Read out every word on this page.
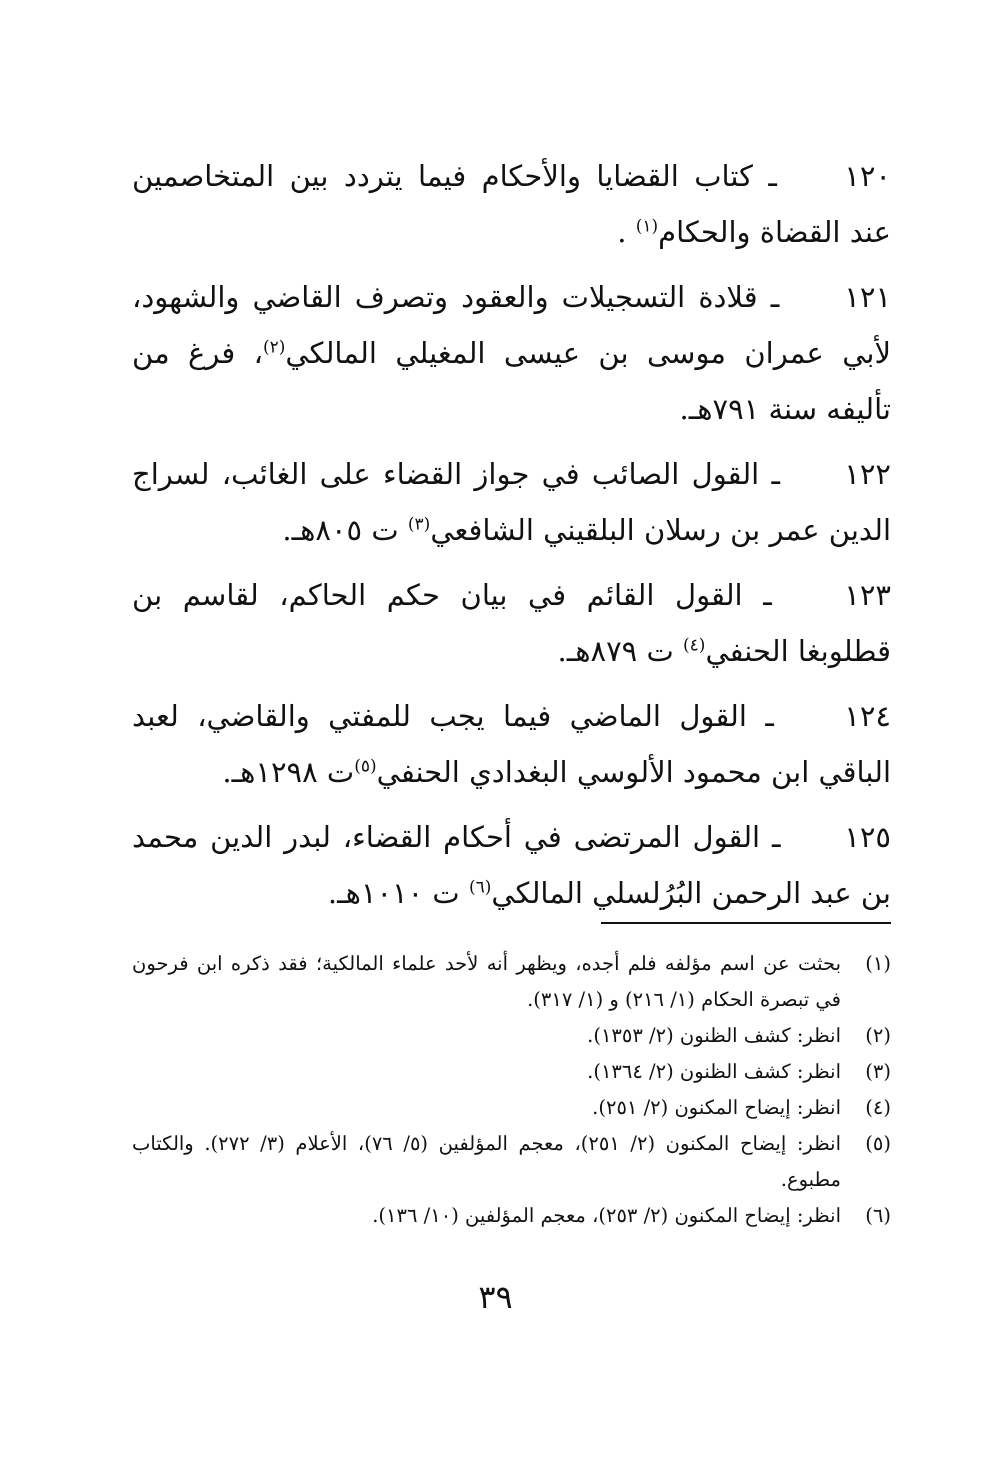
١٢٠ ـ كتاب القضايا والأحكام فيما يتردد بين المتخاصمين عند القضاة والحكام$^{(١)}$ .

١٢١ ـ قلادة التسجيلات والعقود وتصرف القاضي والشهود، لأبي عمران موسى بن عيسى المغيلي المالكي$^{(٢)}$، فرغ من تأليفه سنة ٧٩١هـ.

١٢٢ ـ القول الصائب في جواز القضاء على الغائب، لسراج الدين عمر بن رسلان البلقيني الشافعي$^{(٣)}$ ت ٨٠٥هـ.

١٢٣ ـ القول القائم في بيان حكم الحاكم، لقاسم بن قطلوبغا الحنفي$^{(٤)}$ ت ٨٧٩هـ.

١٢٤ ـ القول الماضي فيما يجب للمفتي والقاضي، لعبد الباقي ابن محمود الألوسي البغدادي الحنفي$^{(٥)}$ت ١٢٩٨هـ.

١٢٥ ـ القول المرتضى في أحكام القضاء، لبدر الدين محمد بن عبد الرحمن البُرُلسلي المالكي$^{(٦)}$ ت ١٠١٠هـ.

(١)
بحثت عن اسم مؤلفه فلم أجده، ويظهر أنه لأحد علماء المالكية؛ فقد ذكره ابن فرحون في تبصرة الحكام (١/ ٢١٦) و (١/ ٣١٧).
(٢)
انظر: كشف الظنون (٢/ ١٣٥٣).
(٣)
انظر: كشف الظنون (٢/ ١٣٦٤).
(٤)
انظر: إيضاح المكنون (٢/ ٢٥١).
(٥)
انظر: إيضاح المكنون (٢/ ٢٥١)، معجم المؤلفين (٥/ ٧٦)، الأعلام (٣/ ٢٧٢). والكتاب مطبوع.
(٦)
انظر: إيضاح المكنون (٢/ ٢٥٣)، معجم المؤلفين (١٠/ ١٣٦).
٣٩
